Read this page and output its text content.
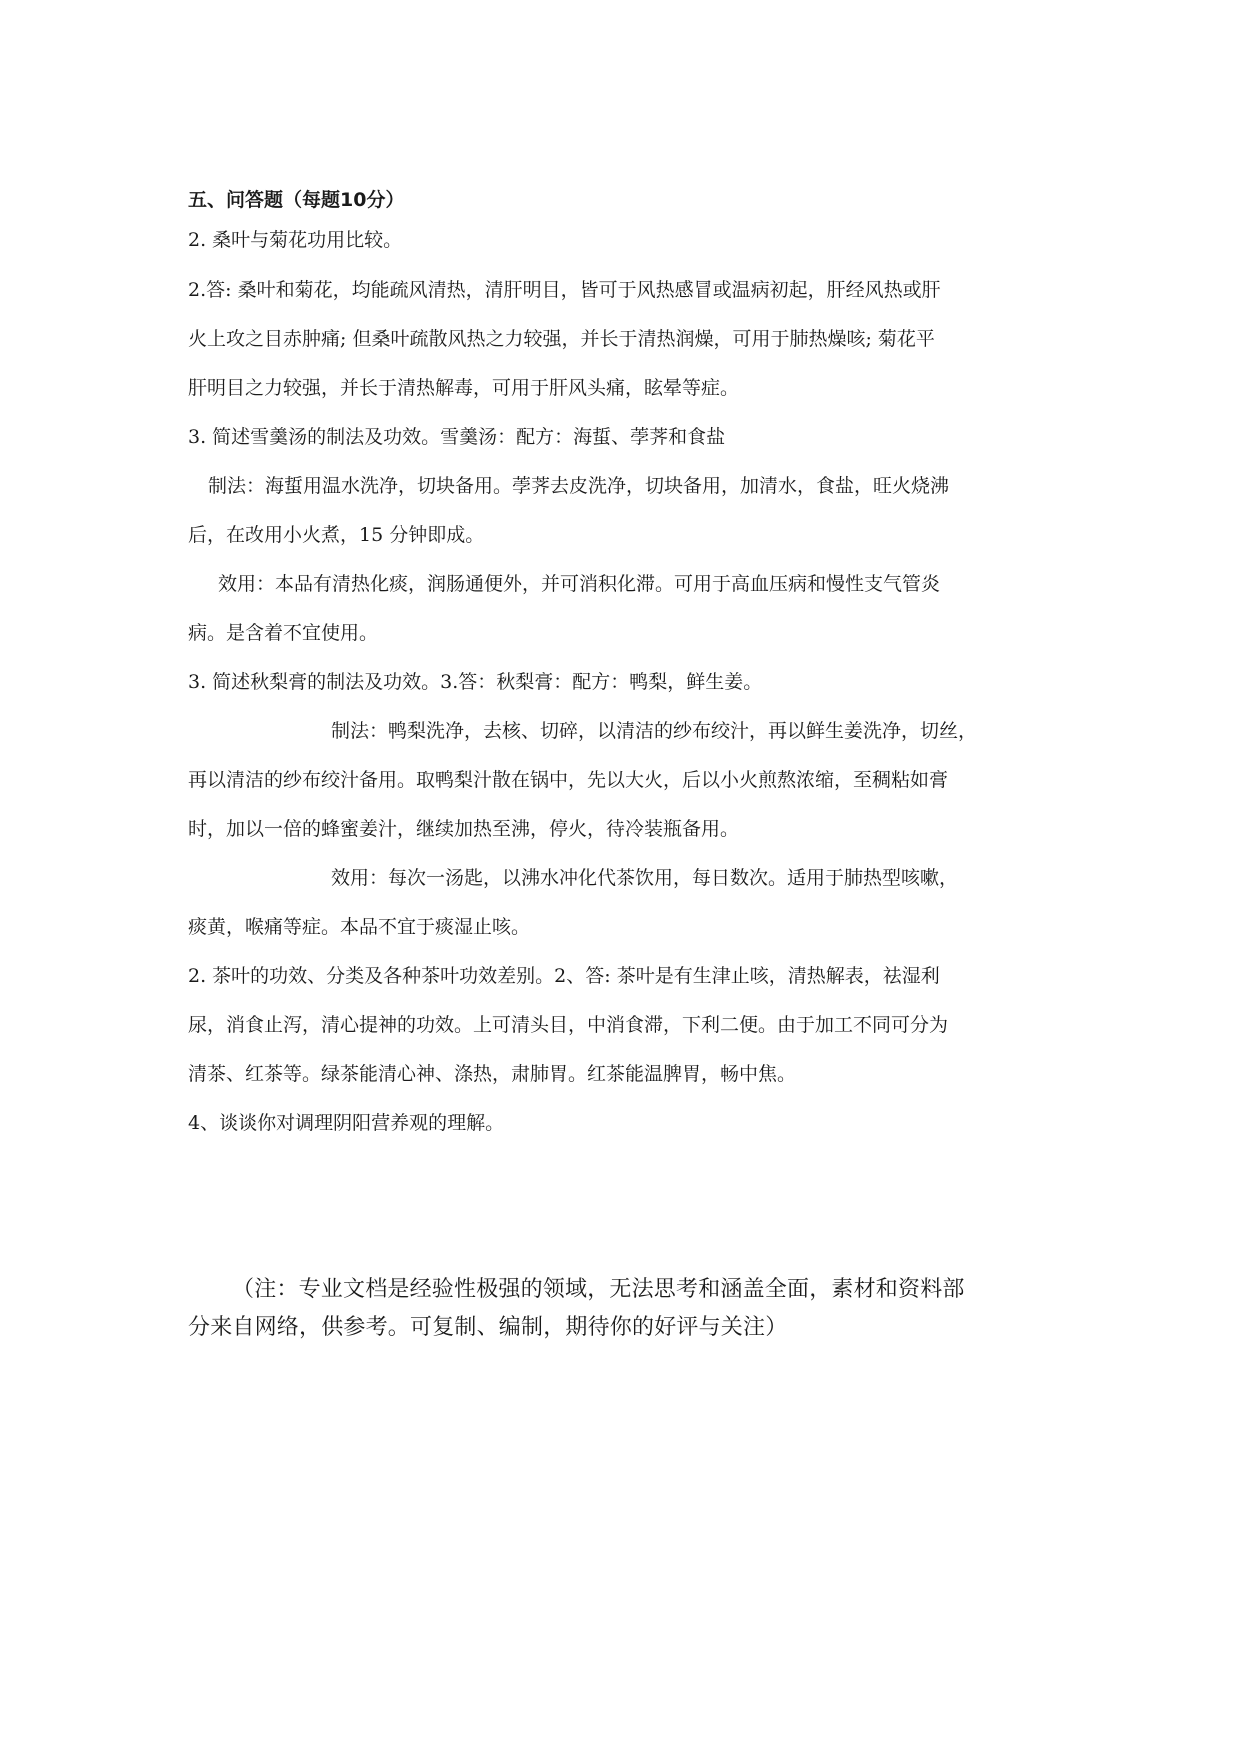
五、问答题（每题10分）

2. 桑叶与菊花功用比较。

2.答: 桑叶和菊花，均能疏风清热，清肝明目，皆可于风热感冒或温病初起，肝经风热或肝

火上攻之目赤肿痛; 但桑叶疏散风热之力较强，并长于清热润燥，可用于肺热燥咳; 菊花平

肝明目之力较强，并长于清热解毒，可用于肝风头痛，眩晕等症。

3. 简述雪羹汤的制法及功效。雪羹汤：配方：海蜇、荸荠和食盐

制法：海蜇用温水洗净，切块备用。荸荠去皮洗净，切块备用，加清水，食盐，旺火烧沸

后，在改用小火煮，15 分钟即成。

效用：本品有清热化痰，润肠通便外，并可消积化滞。可用于高血压病和慢性支气管炎

病。是含着不宜使用。

3. 简述秋梨膏的制法及功效。3.答：秋梨膏：配方：鸭梨，鲜生姜。

制法：鸭梨洗净，去核、切碎，以清洁的纱布绞汁，再以鲜生姜洗净，切丝，

再以清洁的纱布绞汁备用。取鸭梨汁散在锅中，先以大火，后以小火煎熬浓缩，至稠粘如膏

时，加以一倍的蜂蜜姜汁，继续加热至沸，停火，待冷装瓶备用。

效用：每次一汤匙，以沸水冲化代茶饮用，每日数次。适用于肺热型咳嗽，

痰黄，喉痛等症。本品不宜于痰湿止咳。

2. 茶叶的功效、分类及各种茶叶功效差别。2、答: 茶叶是有生津止咳，清热解表，祛湿利

尿，消食止泻，清心提神的功效。上可清头目，中消食滞，下利二便。由于加工不同可分为

清茶、红茶等。绿茶能清心神、涤热，肃肺胃。红茶能温脾胃，畅中焦。

4、谈谈你对调理阴阳营养观的理解。

（注：专业文档是经验性极强的领域，无法思考和涵盖全面，素材和资料部
分来自网络，供参考。可复制、编制，期待你的好评与关注）
